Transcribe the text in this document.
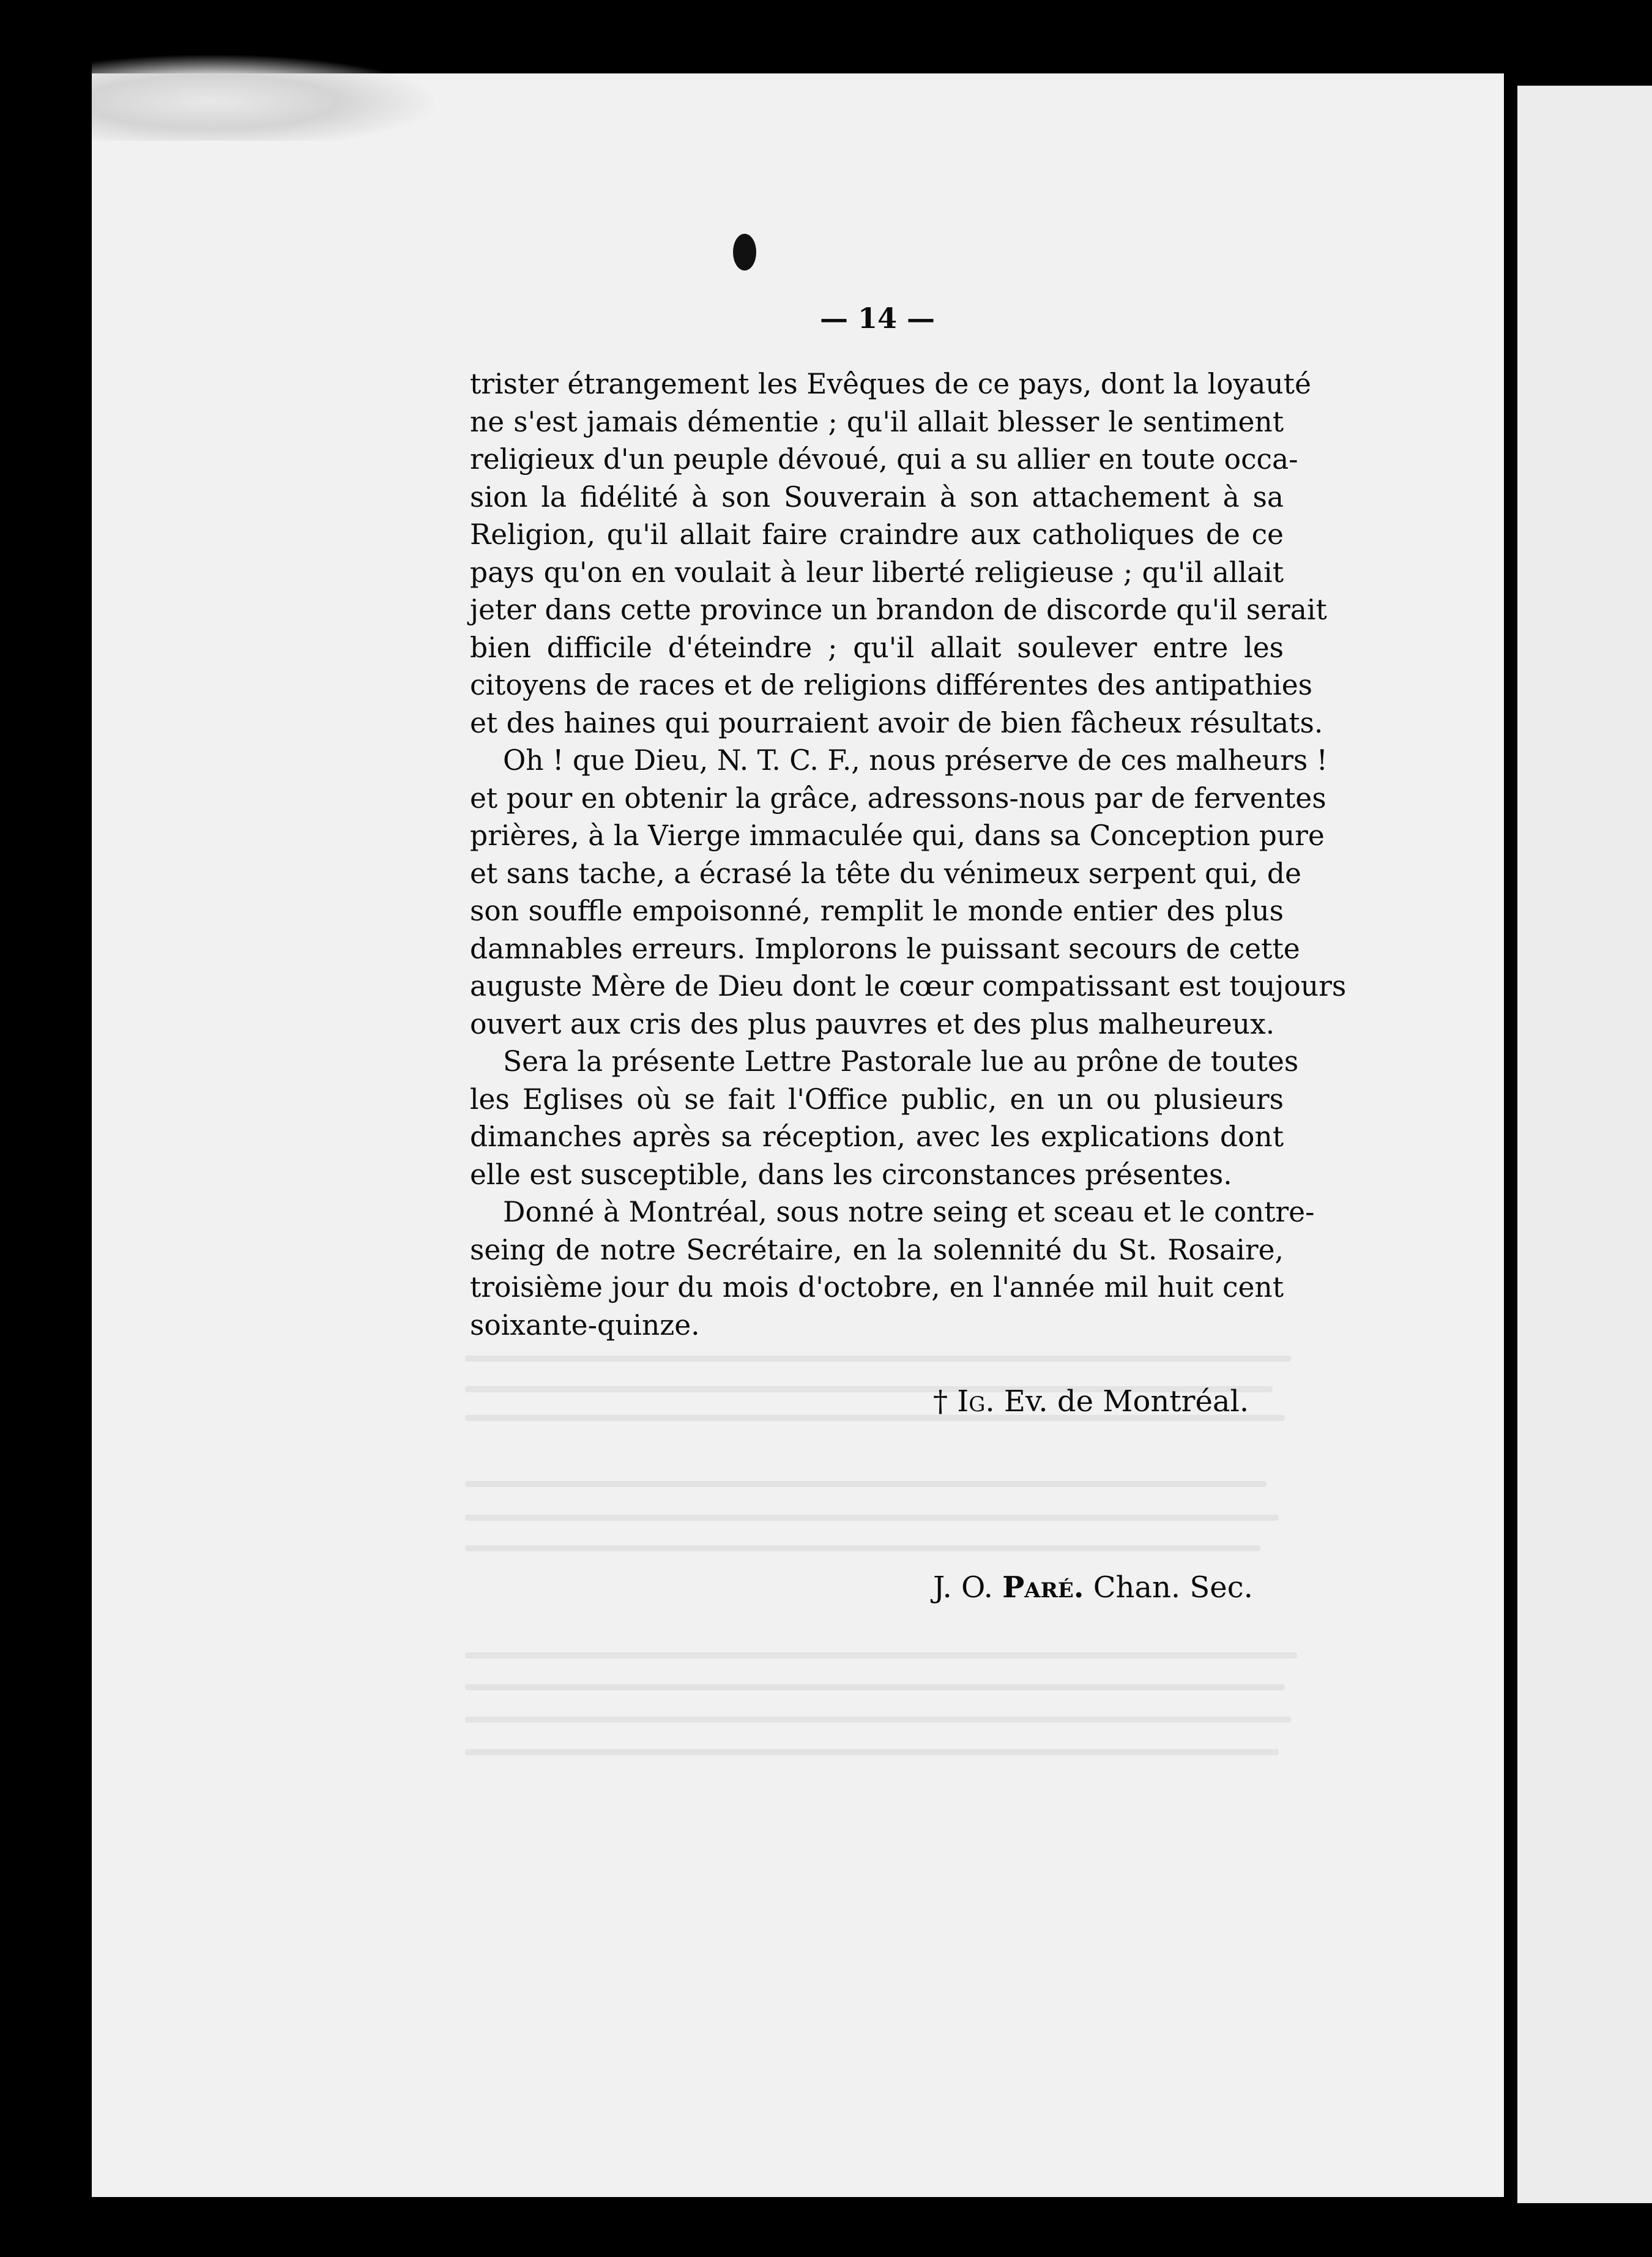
— 14 —
trister étrangement les Evêques de ce pays, dont la loyauté
ne s'est jamais démentie ; qu'il allait blesser le sentiment
religieux d'un peuple dévoué, qui a su allier en toute occa-
sion la fidélité à son Souverain à son attachement à sa
Religion, qu'il allait faire craindre aux catholiques de ce
pays qu'on en voulait à leur liberté religieuse ; qu'il allait
jeter dans cette province un brandon de discorde qu'il serait
bien difficile d'éteindre ; qu'il allait soulever entre les
citoyens de races et de religions différentes des antipathies
et des haines qui pourraient avoir de bien fâcheux résultats.
Oh ! que Dieu, N. T. C. F., nous préserve de ces malheurs !
et pour en obtenir la grâce, adressons-nous par de ferventes
prières, à la Vierge immaculée qui, dans sa Conception pure
et sans tache, a écrasé la tête du vénimeux serpent qui, de
son souffle empoisonné, remplit le monde entier des plus
damnables erreurs. Implorons le puissant secours de cette
auguste Mère de Dieu dont le cœur compatissant est toujours
ouvert aux cris des plus pauvres et des plus malheureux.
Sera la présente Lettre Pastorale lue au prône de toutes
les Eglises où se fait l'Office public, en un ou plusieurs
dimanches après sa réception, avec les explications dont
elle est susceptible, dans les circonstances présentes.
Donné à Montréal, sous notre seing et sceau et le contre-
seing de notre Secrétaire, en la solennité du St. Rosaire,
troisième jour du mois d'octobre, en l'année mil huit cent
soixante-quinze.
† Ig. Ev. de Montréal.
J. O. Paré. Chan. Sec.
